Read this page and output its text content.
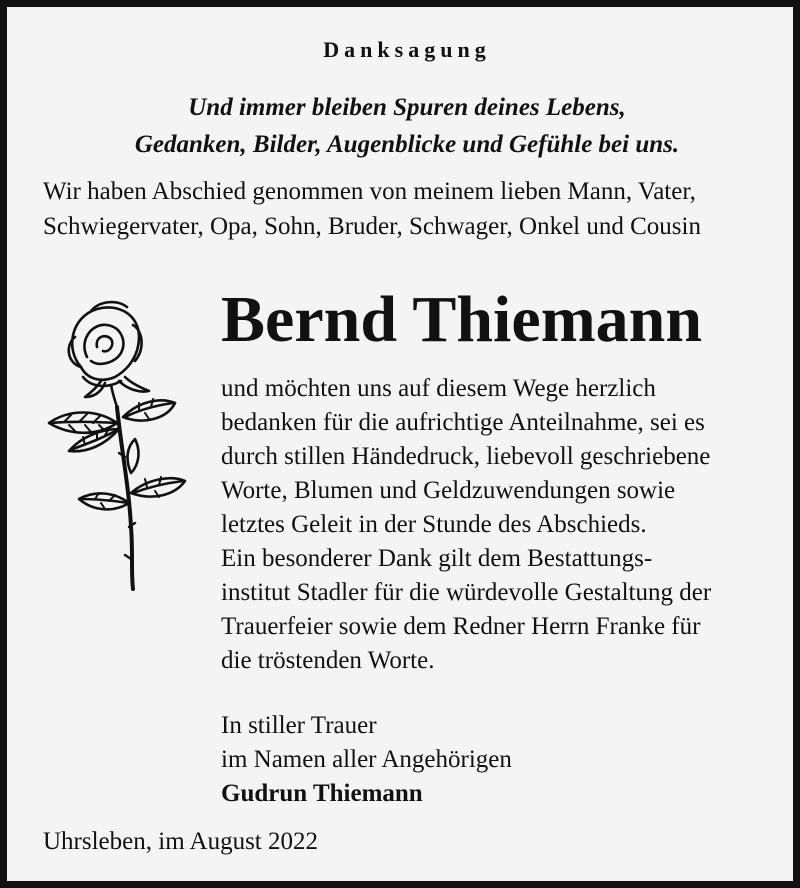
Danksagung
Und immer bleiben Spuren deines Lebens,
Gedanken, Bilder, Augenblicke und Gefühle bei uns.
Wir haben Abschied genommen von meinem lieben Mann, Vater,
Schwiegervater, Opa, Sohn, Bruder, Schwager, Onkel und Cousin
Bernd Thiemann
und möchten uns auf diesem Wege herzlich
bedanken für die aufrichtige Anteilnahme, sei es
durch stillen Händedruck, liebevoll geschriebene
Worte, Blumen und Geldzuwendungen sowie
letztes Geleit in der Stunde des Abschieds.
Ein besonderer Dank gilt dem Bestattungs-
institut Stadler für die würdevolle Gestaltung der
Trauerfeier sowie dem Redner Herrn Franke für
die tröstenden Worte.
In stiller Trauer
im Namen aller Angehörigen
Gudrun Thiemann
Uhrsleben, im August 2022
